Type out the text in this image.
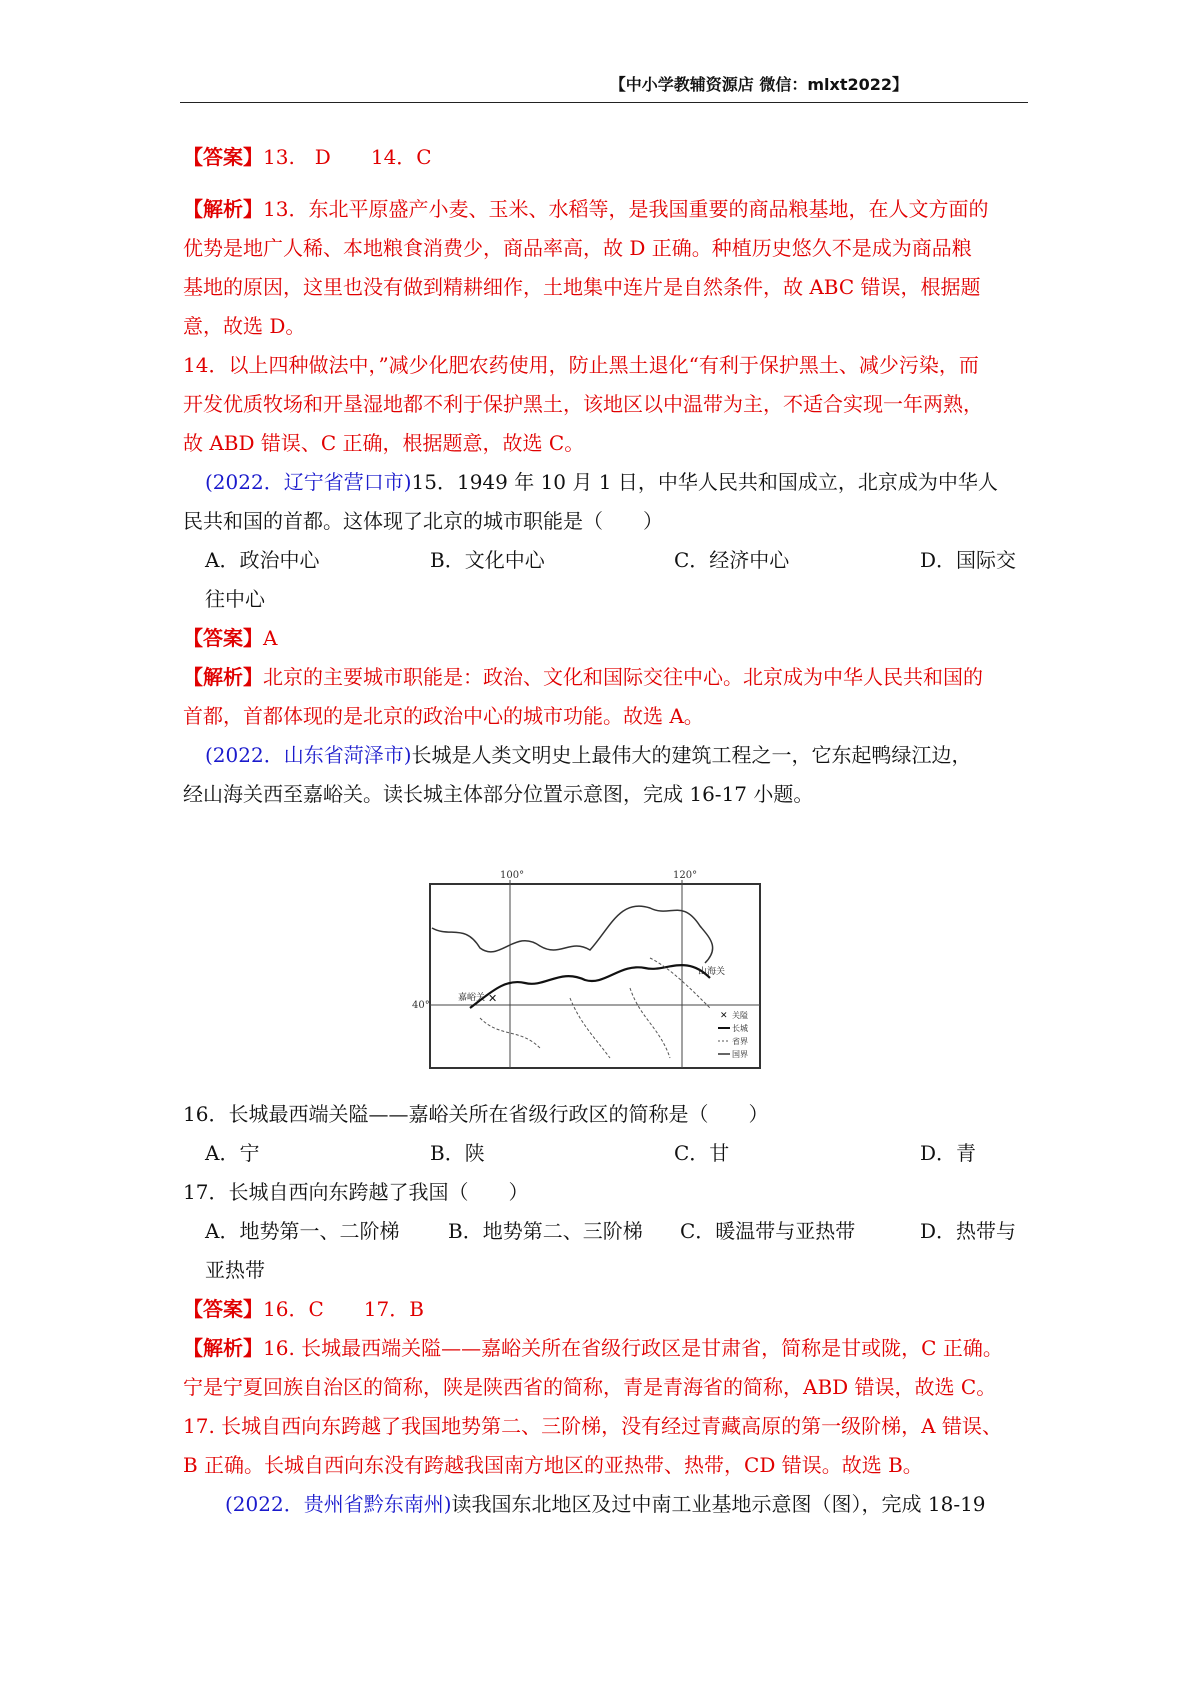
【中小学教辅资源店 微信：mlxt2022】
【答案】13.　D　　14．C
【解析】13．东北平原盛产小麦、玉米、水稻等，是我国重要的商品粮基地，在人文方面的
优势是地广人稀、本地粮食消费少，商品率高，故 D 正确。种植历史悠久不是成为商品粮
基地的原因，这里也没有做到精耕细作，土地集中连片是自然条件，故 ABC 错误，根据题
意，故选 D。
14．以上四种做法中，”减少化肥农药使用，防止黑土退化“有利于保护黑土、减少污染，而
开发优质牧场和开垦湿地都不利于保护黑土，该地区以中温带为主，不适合实现一年两熟，
故 ABD 错误、C 正确，根据题意，故选 C。
(2022．辽宁省营口市)15．1949 年 10 月 1 日，中华人民共和国成立，北京成为中华人
民共和国的首都。这体现了北京的城市职能是（　　）
A．政治中心	B．文化中心	C．经济中心	D．国际交
往中心
【答案】A
【解析】北京的主要城市职能是：政治、文化和国际交往中心。北京成为中华人民共和国的
首都，首都体现的是北京的政治中心的城市功能。故选 A。
(2022．山东省菏泽市)长城是人类文明史上最伟大的建筑工程之一，它东起鸭绿江边，
经山海关西至嘉峪关。读长城主体部分位置示意图，完成 16-17 小题。
100°	120°
40°
嘉峪关
山海关
✕
✕ 关隘
长城
省界
国界
16．长城最西端关隘——嘉峪关所在省级行政区的简称是（　　）
A．宁	B．陕	C．甘	D．青
17．长城自西向东跨越了我国（　　）
A．地势第一、二阶梯 B．地势第二、三阶梯 C．暖温带与亚热带	D．热带与
亚热带
【答案】16．C　　17．B
【解析】16. 长城最西端关隘——嘉峪关所在省级行政区是甘肃省，简称是甘或陇，C 正确。
宁是宁夏回族自治区的简称，陕是陕西省的简称，青是青海省的简称，ABD 错误，故选 C。
17. 长城自西向东跨越了我国地势第二、三阶梯，没有经过青藏高原的第一级阶梯，A 错误、
B 正确。长城自西向东没有跨越我国南方地区的亚热带、热带，CD 错误。故选 B。
(2022．贵州省黔东南州)读我国东北地区及过中南工业基地示意图（图），完成 18-19
